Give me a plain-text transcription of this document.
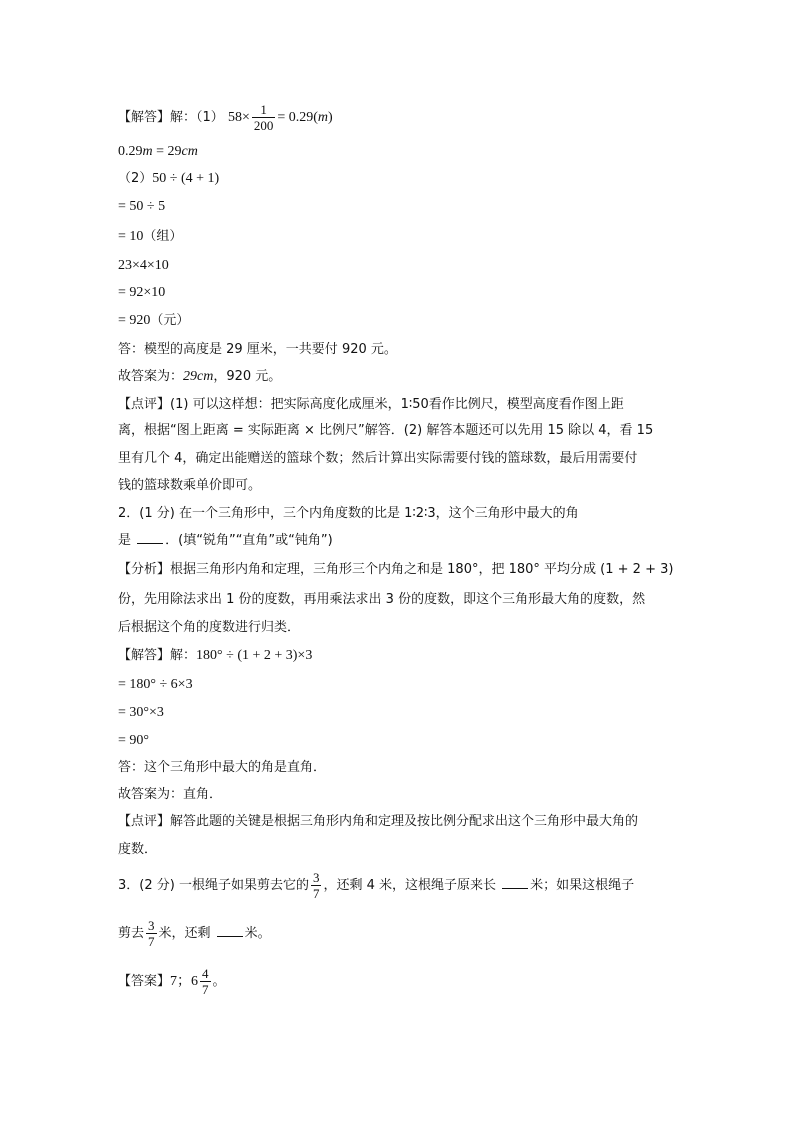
【解答】解：（1） $58\times \frac{1}{200} = 0.29(m)$
0.29m = 29cm
（2）50 ÷ (4 + 1)
= 50 ÷ 5
= 10（组）
23×4×10
= 92×10
= 920（元）
答：模型的高度是 29 厘米，一共要付 920 元。
故答案为：29cm，920 元。
【点评】(1) 可以这样想：把实际高度化成厘米，1∶50看作比例尺，模型高度看作图上距
离，根据“图上距离 = 实际距离 × 比例尺”解答．(2) 解答本题还可以先用 15 除以 4，看 15
里有几个 4，确定出能赠送的篮球个数；然后计算出实际需要付钱的篮球数，最后用需要付
钱的篮球数乘单价即可。
2．(1 分) 在一个三角形中，三个内角度数的比是 1∶2∶3，这个三角形中最大的角
是	．(填“锐角”“直角”或“钝角”)
【分析】根据三角形内角和定理，三角形三个内角之和是 180°，把 180° 平均分成 (1 + 2 + 3)
份，先用除法求出 1 份的度数，再用乘法求出 3 份的度数，即这个三角形最大角的度数，然
后根据这个角的度数进行归类．
【解答】解：180° ÷ (1 + 2 + 3)×3
= 180° ÷ 6×3
= 30°×3
= 90°
答：这个三角形中最大的角是直角．
故答案为：直角．
【点评】解答此题的关键是根据三角形内角和定理及按比例分配求出这个三角形中最大角的
度数．
3．(2 分) 一根绳子如果剪去它的 $\frac{3}{7}$ ，还剩 4 米，这根绳子原来长	米；如果这根绳子
剪去 $\frac{3}{7}$ 米，还剩	米。
【答案】7；$6 \frac{4}{7}$ 。
